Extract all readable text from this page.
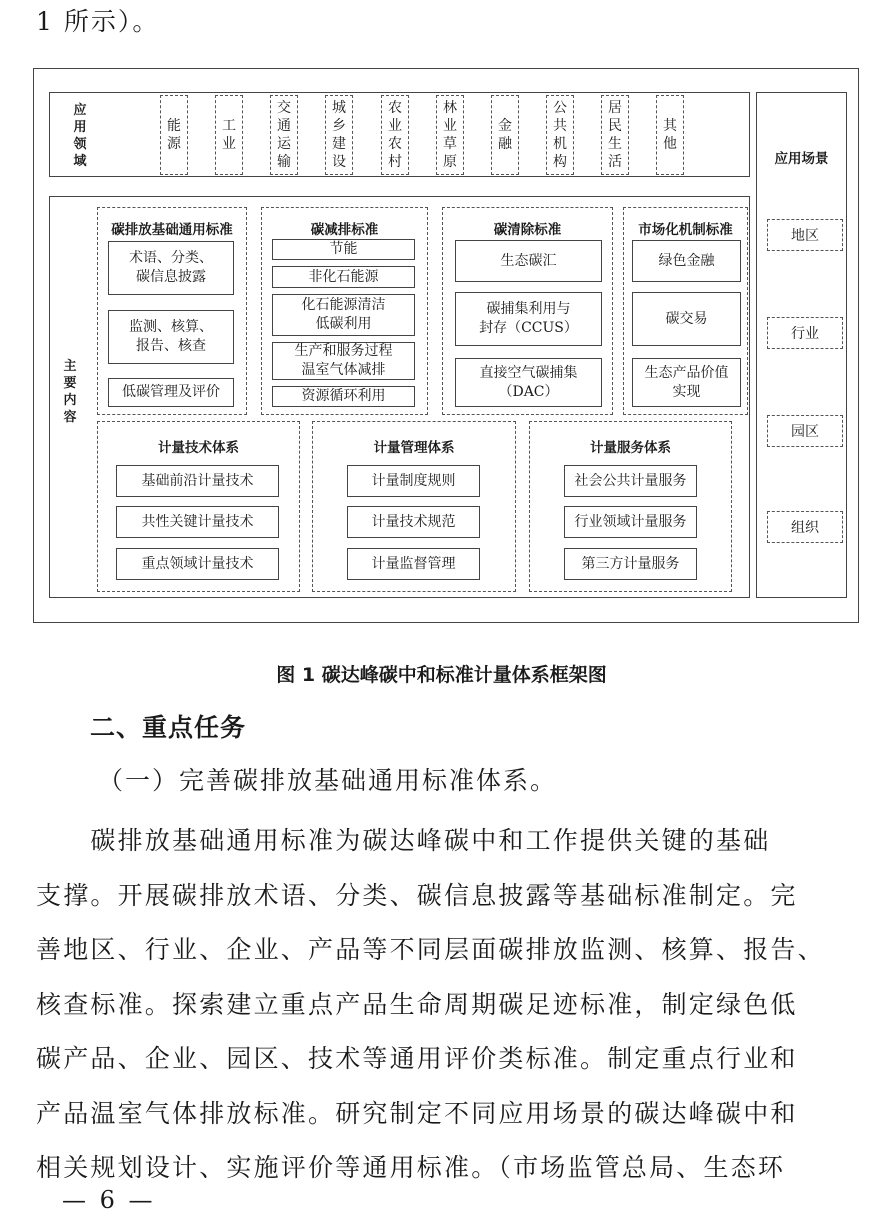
1 所示）。
应用领域
能源
工业
交通运输
城乡建设
农业农村
林业草原
金融
公共机构
居民生活
其他
主要内容
碳排放基础通用标准
术语、分类、
碳信息披露
监测、核算、
报告、核查
低碳管理及评价
碳减排标准
节能
非化石能源
化石能源清洁
低碳利用
生产和服务过程
温室气体减排
资源循环利用
碳清除标准
生态碳汇
碳捕集利用与
封存（CCUS）
直接空气碳捕集
（DAC）
市场化机制标准
绿色金融
碳交易
生态产品价值
实现
计量技术体系
基础前沿计量技术
共性关键计量技术
重点领域计量技术
计量管理体系
计量制度规则
计量技术规范
计量监督管理
计量服务体系
社会公共计量服务
行业领域计量服务
第三方计量服务
应用场景
地区
行业
园区
组织
图 1 碳达峰碳中和标准计量体系框架图
二、重点任务
（一）完善碳排放基础通用标准体系。
　　碳排放基础通用标准为碳达峰碳中和工作提供关键的基础
支撑。开展碳排放术语、分类、碳信息披露等基础标准制定。完
善地区、行业、企业、产品等不同层面碳排放监测、核算、报告、
核查标准。探索建立重点产品生命周期碳足迹标准，制定绿色低
碳产品、企业、园区、技术等通用评价类标准。制定重点行业和
产品温室气体排放标准。研究制定不同应用场景的碳达峰碳中和
相关规划设计、实施评价等通用标准。（市场监管总局、生态环
— 6 —
